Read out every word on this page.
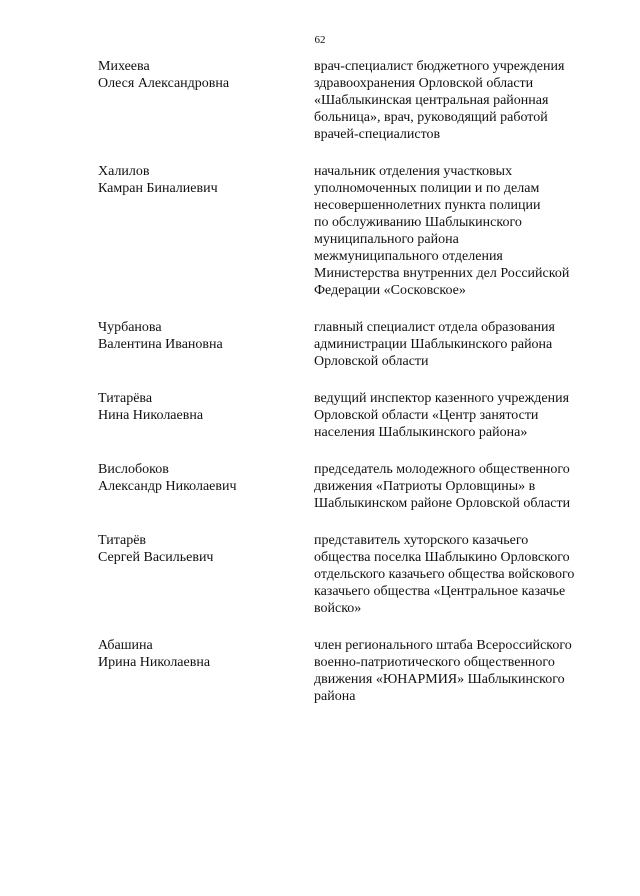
62
Михеева
Олеся Александровна
врач-специалист бюджетного учреждения
здравоохранения Орловской области
«Шаблыкинская центральная районная
больница», врач, руководящий работой
врачей-специалистов
Халилов
Камран Биналиевич
начальник отделения участковых
уполномоченных полиции и по делам
несовершеннолетних пункта полиции
по обслуживанию Шаблыкинского
муниципального района
межмуниципального отделения
Министерства внутренних дел Российской
Федерации «Сосковское»
Чурбанова
Валентина Ивановна
главный специалист отдела образования
администрации Шаблыкинского района
Орловской области
Титарёва
Нина Николаевна
ведущий инспектор казенного учреждения
Орловской области «Центр занятости
населения Шаблыкинского района»
Вислобоков
Александр Николаевич
председатель молодежного общественного
движения «Патриоты Орловщины» в
Шаблыкинском районе Орловской области
Титарёв
Сергей Васильевич
представитель хуторского казачьего
общества поселка Шаблыкино Орловского
отдельского казачьего общества войскового
казачьего общества «Центральное казачье
войско»
Абашина
Ирина Николаевна
член регионального штаба Всероссийского
военно-патриотического общественного
движения «ЮНАРМИЯ» Шаблыкинского
района
